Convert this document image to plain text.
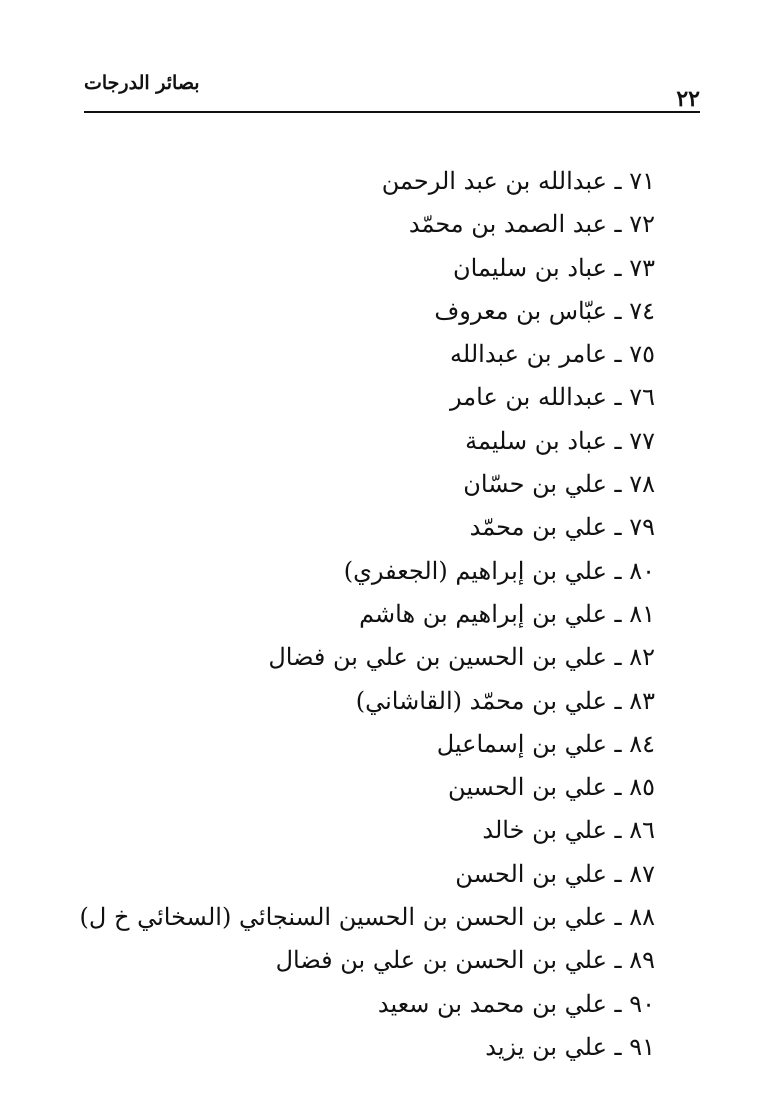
بصائر الدرجات
٢٢
٧١ ـ عبدالله بن عبد الرحمن
٧٢ ـ عبد الصمد بن محمّد
٧٣ ـ عباد بن سليمان
٧٤ ـ عبّاس بن معروف
٧٥ ـ عامر بن عبدالله
٧٦ ـ عبدالله بن عامر
٧٧ ـ عباد بن سليمة
٧٨ ـ علي بن حسّان
٧٩ ـ علي بن محمّد
٨٠ ـ علي بن إبراهيم (الجعفري)
٨١ ـ علي بن إبراهيم بن هاشم
٨٢ ـ علي بن الحسين بن علي بن فضال
٨٣ ـ علي بن محمّد (القاشاني)
٨٤ ـ علي بن إسماعيل
٨٥ ـ علي بن الحسين
٨٦ ـ علي بن خالد
٨٧ ـ علي بن الحسن
٨٨ ـ علي بن الحسن بن الحسين السنجائي (السخائي خ ل)
٨٩ ـ علي بن الحسن بن علي بن فضال
٩٠ ـ علي بن محمد بن سعيد
٩١ ـ علي بن يزيد
